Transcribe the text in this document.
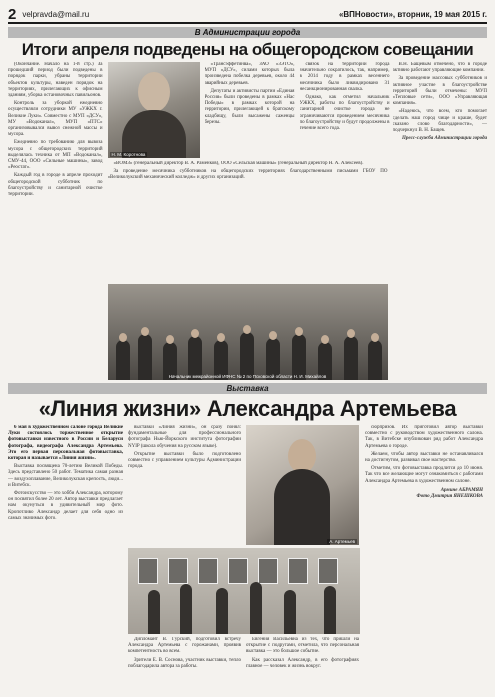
2 velpravda@mail.ru	«ВПНовости», вторник, 19 мая 2015 г.
В Администрации города
Итоги апреля подведены на общегородском совещании

(Окончание. Начало на 1-й стр.) За прошедший период были подведены в порядок парки, убраны территории объектов культуры, наведен порядок на территориях, прилегающих к офисным зданиям, уборка остановочных павильонов.

Контроль за уборкой ежедневно осуществляли сотрудники МУ «УЖКХ г. Великие Луки». Совместно с МУП «ДСУ», МУ «Водоканал», МУП «ПТС» организовывался вывоз снежной массы и мусора.

Ежедневно по требованию для вывоза мусора с общегородских территорий выделялась техника от МП «Водоканал», СМУ-44, ООО «Сильные машины», завод «Реостат».

Каждый год в городе в апреле проходит общегородской субботник по благоустройству и санитарной очистке территории.

Н. М. Коротнова

«Трансэффетинва», ЗАО «ЗЭТО», МУП «ДСУ», силами которых была произведена побелка деревьев, около 44 аварийных деревьев.

Депутаты и активисты партии «Единая Россия» были проведены в рамках «Нас Победы» в рамках которой на территории, прилегающей к братскому кладбищу, были высажены саженцы березы.

связок на территории города значительно сократилось, так, например, в 2014 году в рамках весеннего месячника было ликвидировано 31 несанкционированная свалка.

Однако, как отметил начальник УЖКХ, работы по благоустройству и санитарной очистке города не ограничиваются проведением месячника по благоустройству и будут продолжены в течение всего года.

«ВОМЗ» (генеральный директор В. А. Раменков), ООО «Сельская машины» (генеральный директор Н. А. Алексеев).

За проведение месячника субботников на общегородских территориях благодарственными письмами ГБОУ ПО «Великолукский механический колледж» и других организаций.

Начальник межрайонной ИФНС № 2 по Псковской области Н. И. Михайлов

В.Н. Бащевым отмечено, что в городе активно работают управляющие компании.

За проведение массовых субботников и активное участие в благоустройстве территорий были отмечены: МУП «Тепловые сети», ООО «Управляющая компания».

«Надеюсь, что всем, кто помогает сделать наш город чище и краше, будет сказано слово благодарности», — подчеркнул В. Н. Бащев.

Пресс-служба Администрации города
Выставка
«Линия жизни» Александра Артемьева

6 мая в художественном салоне города Великие Луки состоялось торжественное открытие фотовыставки известного в России и Беларуси фотографа, видеографа Александра Артемьева. Это его первая персональная фотовыставка, которая и называется «Линия жизни».

Выставка посвящена 70-летию Великой Победы. Здесь представлено 50 работ. Тематика самая разная — воздухоплавание, Великолукская крепость, люди... и Витебск.

Фотоискусство — это хобби Александра, которому он посвятил более 20 лет. Автор выставки предлагает нам окунуться в удивительный мир фото. Кропотливо Александр делает для себя одно из самых значимых фото.

выставки «Линия жизни», он сразу понял: фундаментальные для профессионального фотографа Нью-Йоркского института фотографии NYIP (школа обучения на русском языке).

Открытие выставки было подготовлено совместно с управлением культуры Администрации города.

А. Артемьев

Дипломант В. Гурский, подготовил встречу Александра Артемьева с горожанами, проявив компетентность во всем.

Зрители Е. В. Соснова, участник выставки, тепло поблагодарила автора за работы.

Евгения Васильевна из тех, что пришли на открытие с подругами, отметила, что персональная выставка — это большое событие.

Как рассказал Александр, в его фотографиях главное — человек и жизнь вокруг.

сюрпризов. Их приготовил автор выставки совместно с руководством художественного салона. Так, в Витебске опубликован ряд работ Александра Артемьева о городе.

Желаем, чтобы автор выставки не останавливался на достигнутом, развивал свое мастерство.

Отметим, что фотовыставка продлится до 10 июня. Так что все желающие могут ознакомиться с работами Александра Артемьева в художественном салоне.

Армине АБРАМЯН
Фото Дмитрия ЯНЕШКОВА
